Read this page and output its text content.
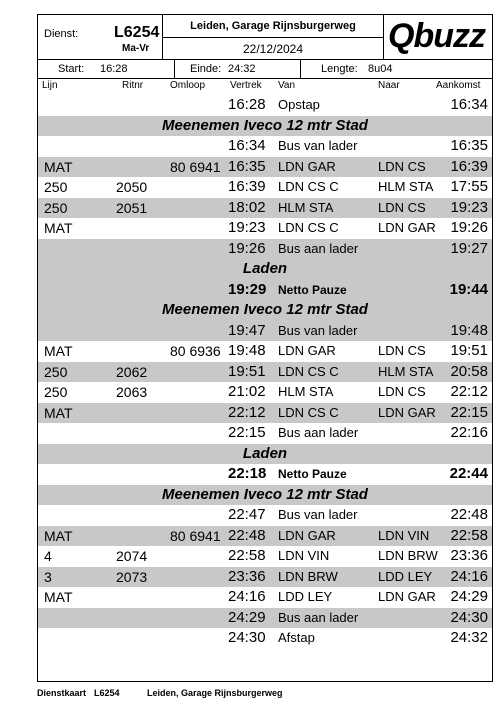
Dienst: L6254
Ma-Vr
Leiden, Garage Rijnsburgerweg
22/12/2024	Qbuzz
Start: 16:28	Einde: 24:32	Lengte: 8u04
Lijn	Ritnr	Omloop Vertrek Van	Naar	Aankomst
16:28 Opstap	16:34
Meenemen Iveco 12 mtr Stad
16:34 Bus van lader	16:35
MAT	80 6941 16:35 LDN GAR	LDN CS 16:39
250	2050	16:39 LDN CS C	HLM STA 17:55
250	2051	18:02 HLM STA	LDN CS 19:23
MAT	19:23 LDN CS C	LDN GAR 19:26
19:26 Bus aan lader	19:27
Laden
19:29 Netto Pauze	19:44
Meenemen Iveco 12 mtr Stad
19:47 Bus van lader	19:48
MAT	80 6936 19:48 LDN GAR	LDN CS 19:51
250	2062	19:51 LDN CS C	HLM STA 20:58
250	2063	21:02 HLM STA	LDN CS 22:12
MAT	22:12 LDN CS C	LDN GAR 22:15
22:15 Bus aan lader	22:16
Laden
22:18 Netto Pauze	22:44
Meenemen Iveco 12 mtr Stad
22:47 Bus van lader	22:48
MAT	80 6941 22:48 LDN GAR	LDN VIN 22:58
4	2074	22:58 LDN VIN	LDN BRW 23:36
3	2073	23:36 LDN BRW	LDD LEY 24:16
MAT	24:16 LDD LEY	LDN GAR 24:29
24:29 Bus aan lader	24:30
24:30 Afstap	24:32
Dienstkaart L6254	Leiden, Garage Rijnsburgerweg
